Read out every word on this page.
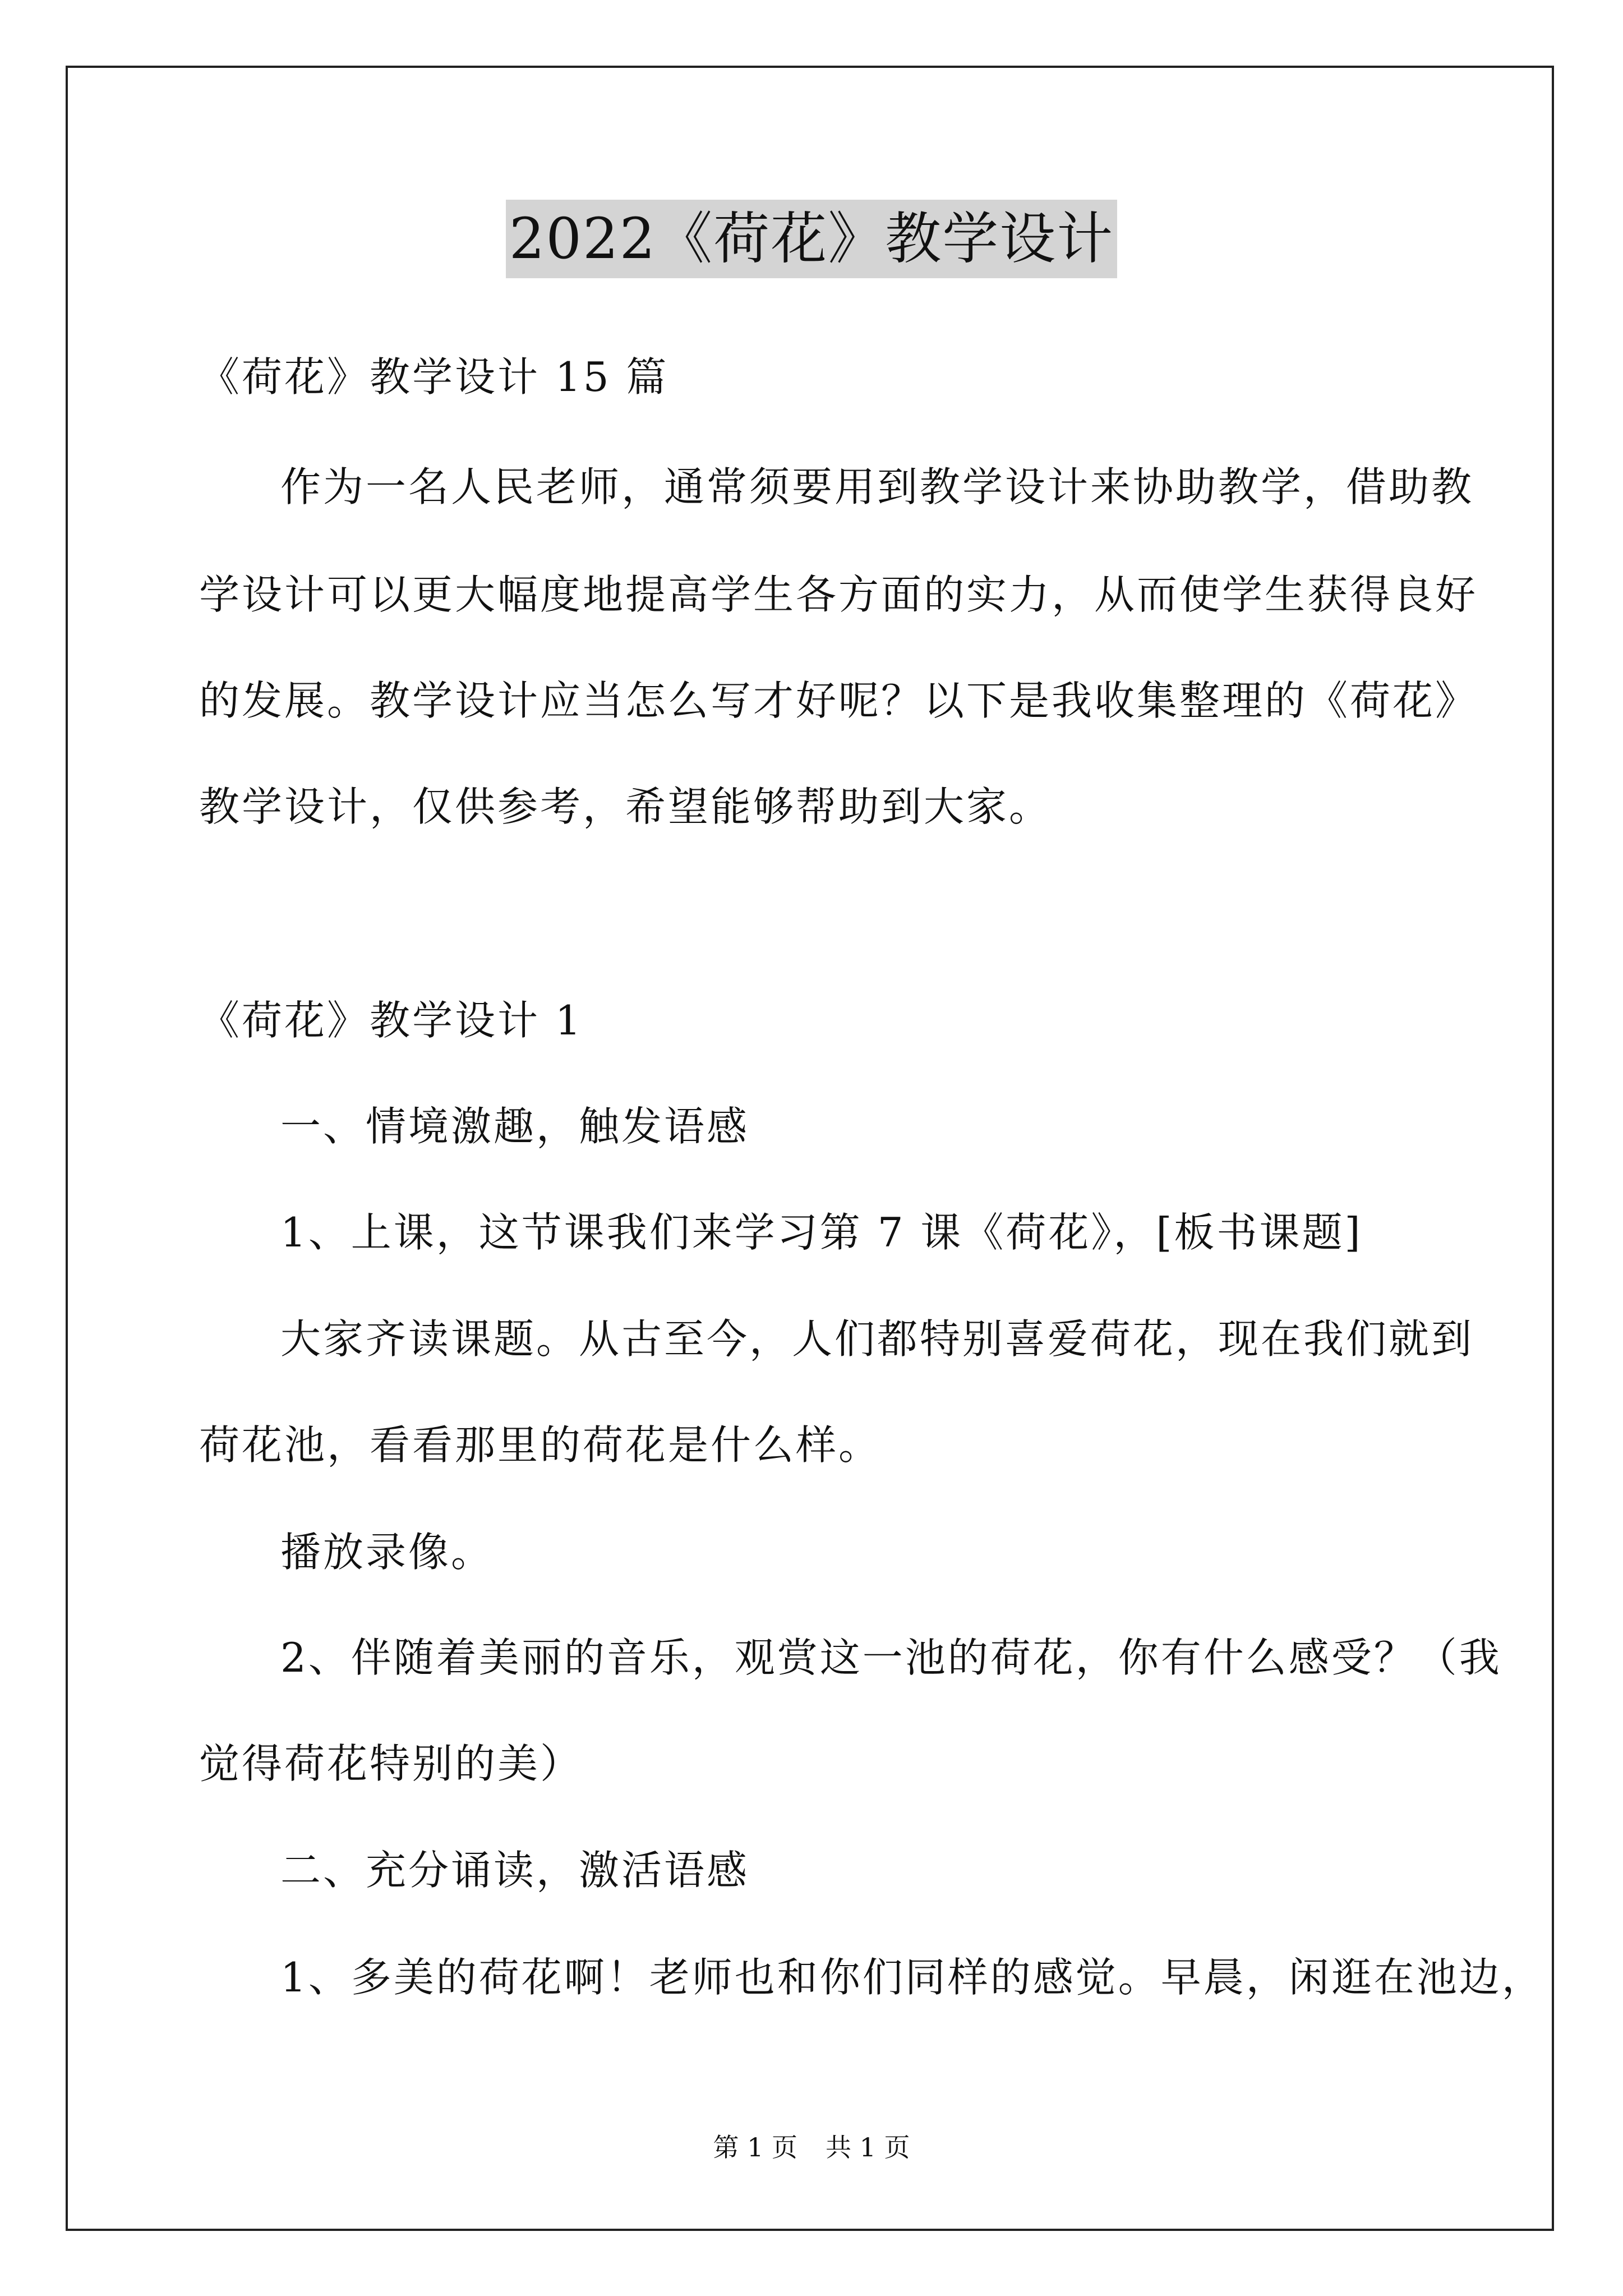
2022《荷花》教学设计
《荷花》教学设计 15 篇
作为一名人民老师，通常须要用到教学设计来协助教学，借助教
学设计可以更大幅度地提高学生各方面的实力，从而使学生获得良好
的发展。教学设计应当怎么写才好呢？以下是我收集整理的《荷花》
教学设计，仅供参考，希望能够帮助到大家。
《荷花》教学设计 1
一、情境激趣，触发语感
1、上课，这节课我们来学习第 7 课《荷花》，[板书课题]
大家齐读课题。从古至今，人们都特别喜爱荷花，现在我们就到
荷花池，看看那里的荷花是什么样。
播放录像。
2、伴随着美丽的音乐，观赏这一池的荷花，你有什么感受？（我
觉得荷花特别的美）
二、充分诵读，激活语感
1、多美的荷花啊！老师也和你们同样的感觉。早晨，闲逛在池边，
第 1 页 共 1 页
